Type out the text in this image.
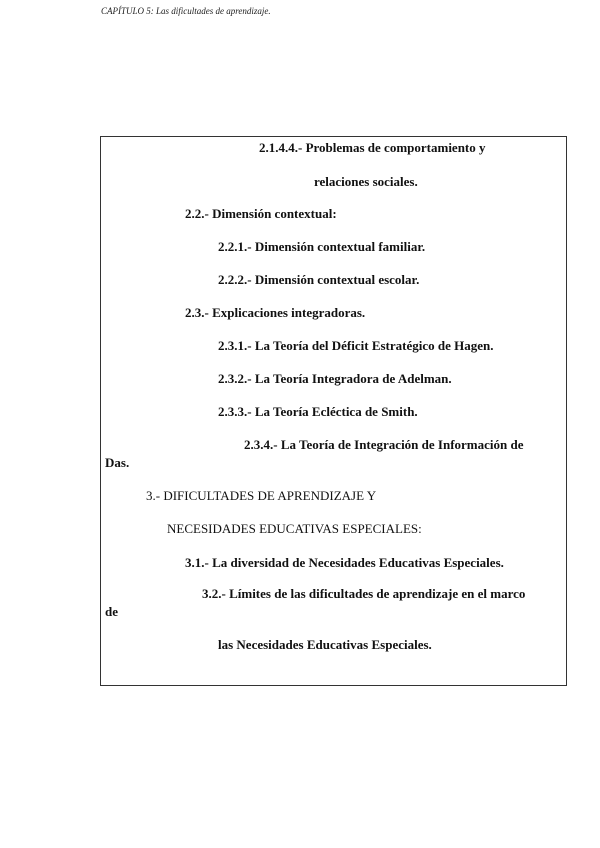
CAPÍTULO 5: Las dificultades de aprendizaje.
2.1.4.4.- Problemas de comportamiento y
relaciones sociales.
2.2.- Dimensión contextual:
2.2.1.- Dimensión contextual familiar.
2.2.2.- Dimensión contextual escolar.
2.3.- Explicaciones integradoras.
2.3.1.- La Teoría del Déficit Estratégico de Hagen.
2.3.2.- La Teoría Integradora de Adelman.
2.3.3.- La Teoría Ecléctica de Smith.
2.3.4.- La Teoría de Integración de Información de
Das.
3.- DIFICULTADES DE APRENDIZAJE Y
NECESIDADES EDUCATIVAS ESPECIALES:
3.1.- La diversidad de Necesidades Educativas Especiales.
3.2.- Límites de las dificultades de aprendizaje en el marco
de
las Necesidades Educativas Especiales.
